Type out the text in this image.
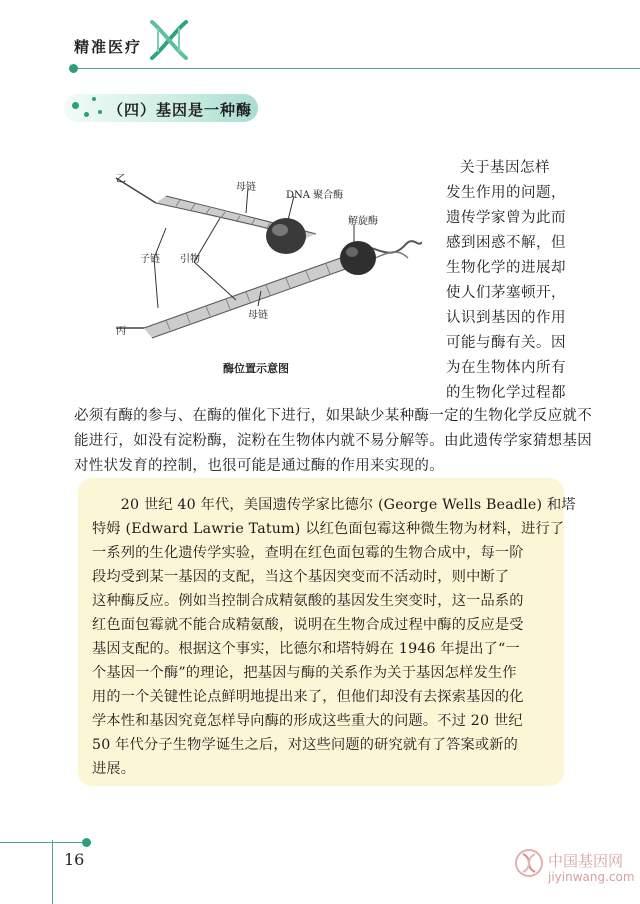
精准医疗
（四）基因是一种酶
乙
丙
母链
DNA 聚合酶
解旋酶
子链 引物
母链
酶位置示意图
关于基因怎样
发生作用的问题，
遗传学家曾为此而
感到困惑不解，但
生物化学的进展却
使人们茅塞顿开，
认识到基因的作用
可能与酶有关。因
为在生物体内所有
的生物化学过程都
必须有酶的参与、在酶的催化下进行，如果缺少某种酶一定的生物化学反应就不
能进行，如没有淀粉酶，淀粉在生物体内就不易分解等。由此遗传学家猜想基因
对性状发育的控制，也很可能是通过酶的作用来实现的。
　　20 世纪 40 年代，美国遗传学家比德尔 (George Wells Beadle) 和塔
特姆 (Edward Lawrie Tatum) 以红色面包霉这种微生物为材料，进行了
一系列的生化遗传学实验，查明在红色面包霉的生物合成中，每一阶
段均受到某一基因的支配，当这个基因突变而不活动时，则中断了
这种酶反应。例如当控制合成精氨酸的基因发生突变时，这一品系的
红色面包霉就不能合成精氨酸，说明在生物合成过程中酶的反应是受
基因支配的。根据这个事实，比德尔和塔特姆在 1946 年提出了“一
个基因一个酶”的理论，把基因与酶的关系作为关于基因怎样发生作
用的一个关键性论点鲜明地提出来了，但他们却没有去探索基因的化
学本性和基因究竟怎样导向酶的形成这些重大的问题。不过 20 世纪
50 年代分子生物学诞生之后，对这些问题的研究就有了答案或新的
进展。
16	中国基因网
jiyinwang.com
